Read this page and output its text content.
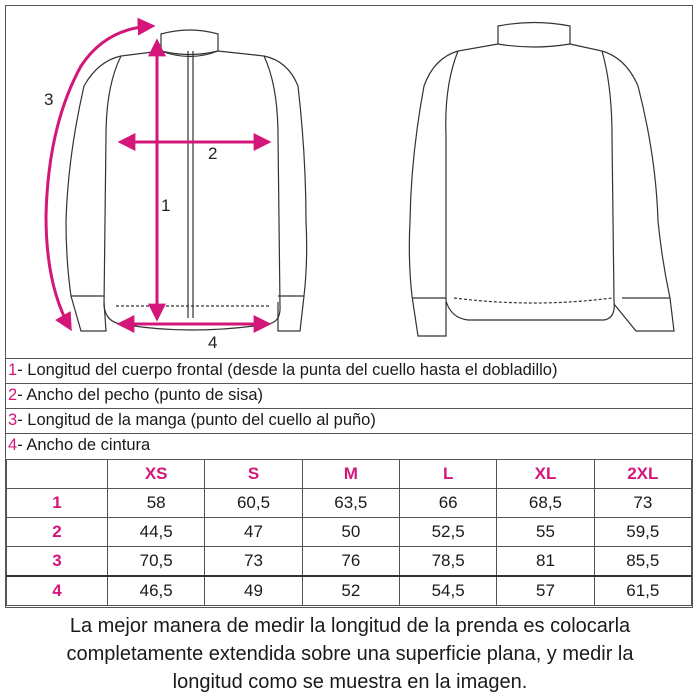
1
2
3
4
1- Longitud del cuerpo frontal (desde la punta del cuello hasta el dobladillo)
2- Ancho del pecho (punto de sisa)
3- Longitud de la manga (punto del cuello al puño)
4- Ancho de cintura
	XS	S	M	L	XL	2XL
1	58	60,5	63,5	66	68,5	73
2	44,5	47	50	52,5	55	59,5
3	70,5	73	76	78,5	81	85,5
4	46,5	49	52	54,5	57	61,5
La mejor manera de medir la longitud de la prenda es colocarla
completamente extendida sobre una superficie plana, y medir la
longitud como se muestra en la imagen.
